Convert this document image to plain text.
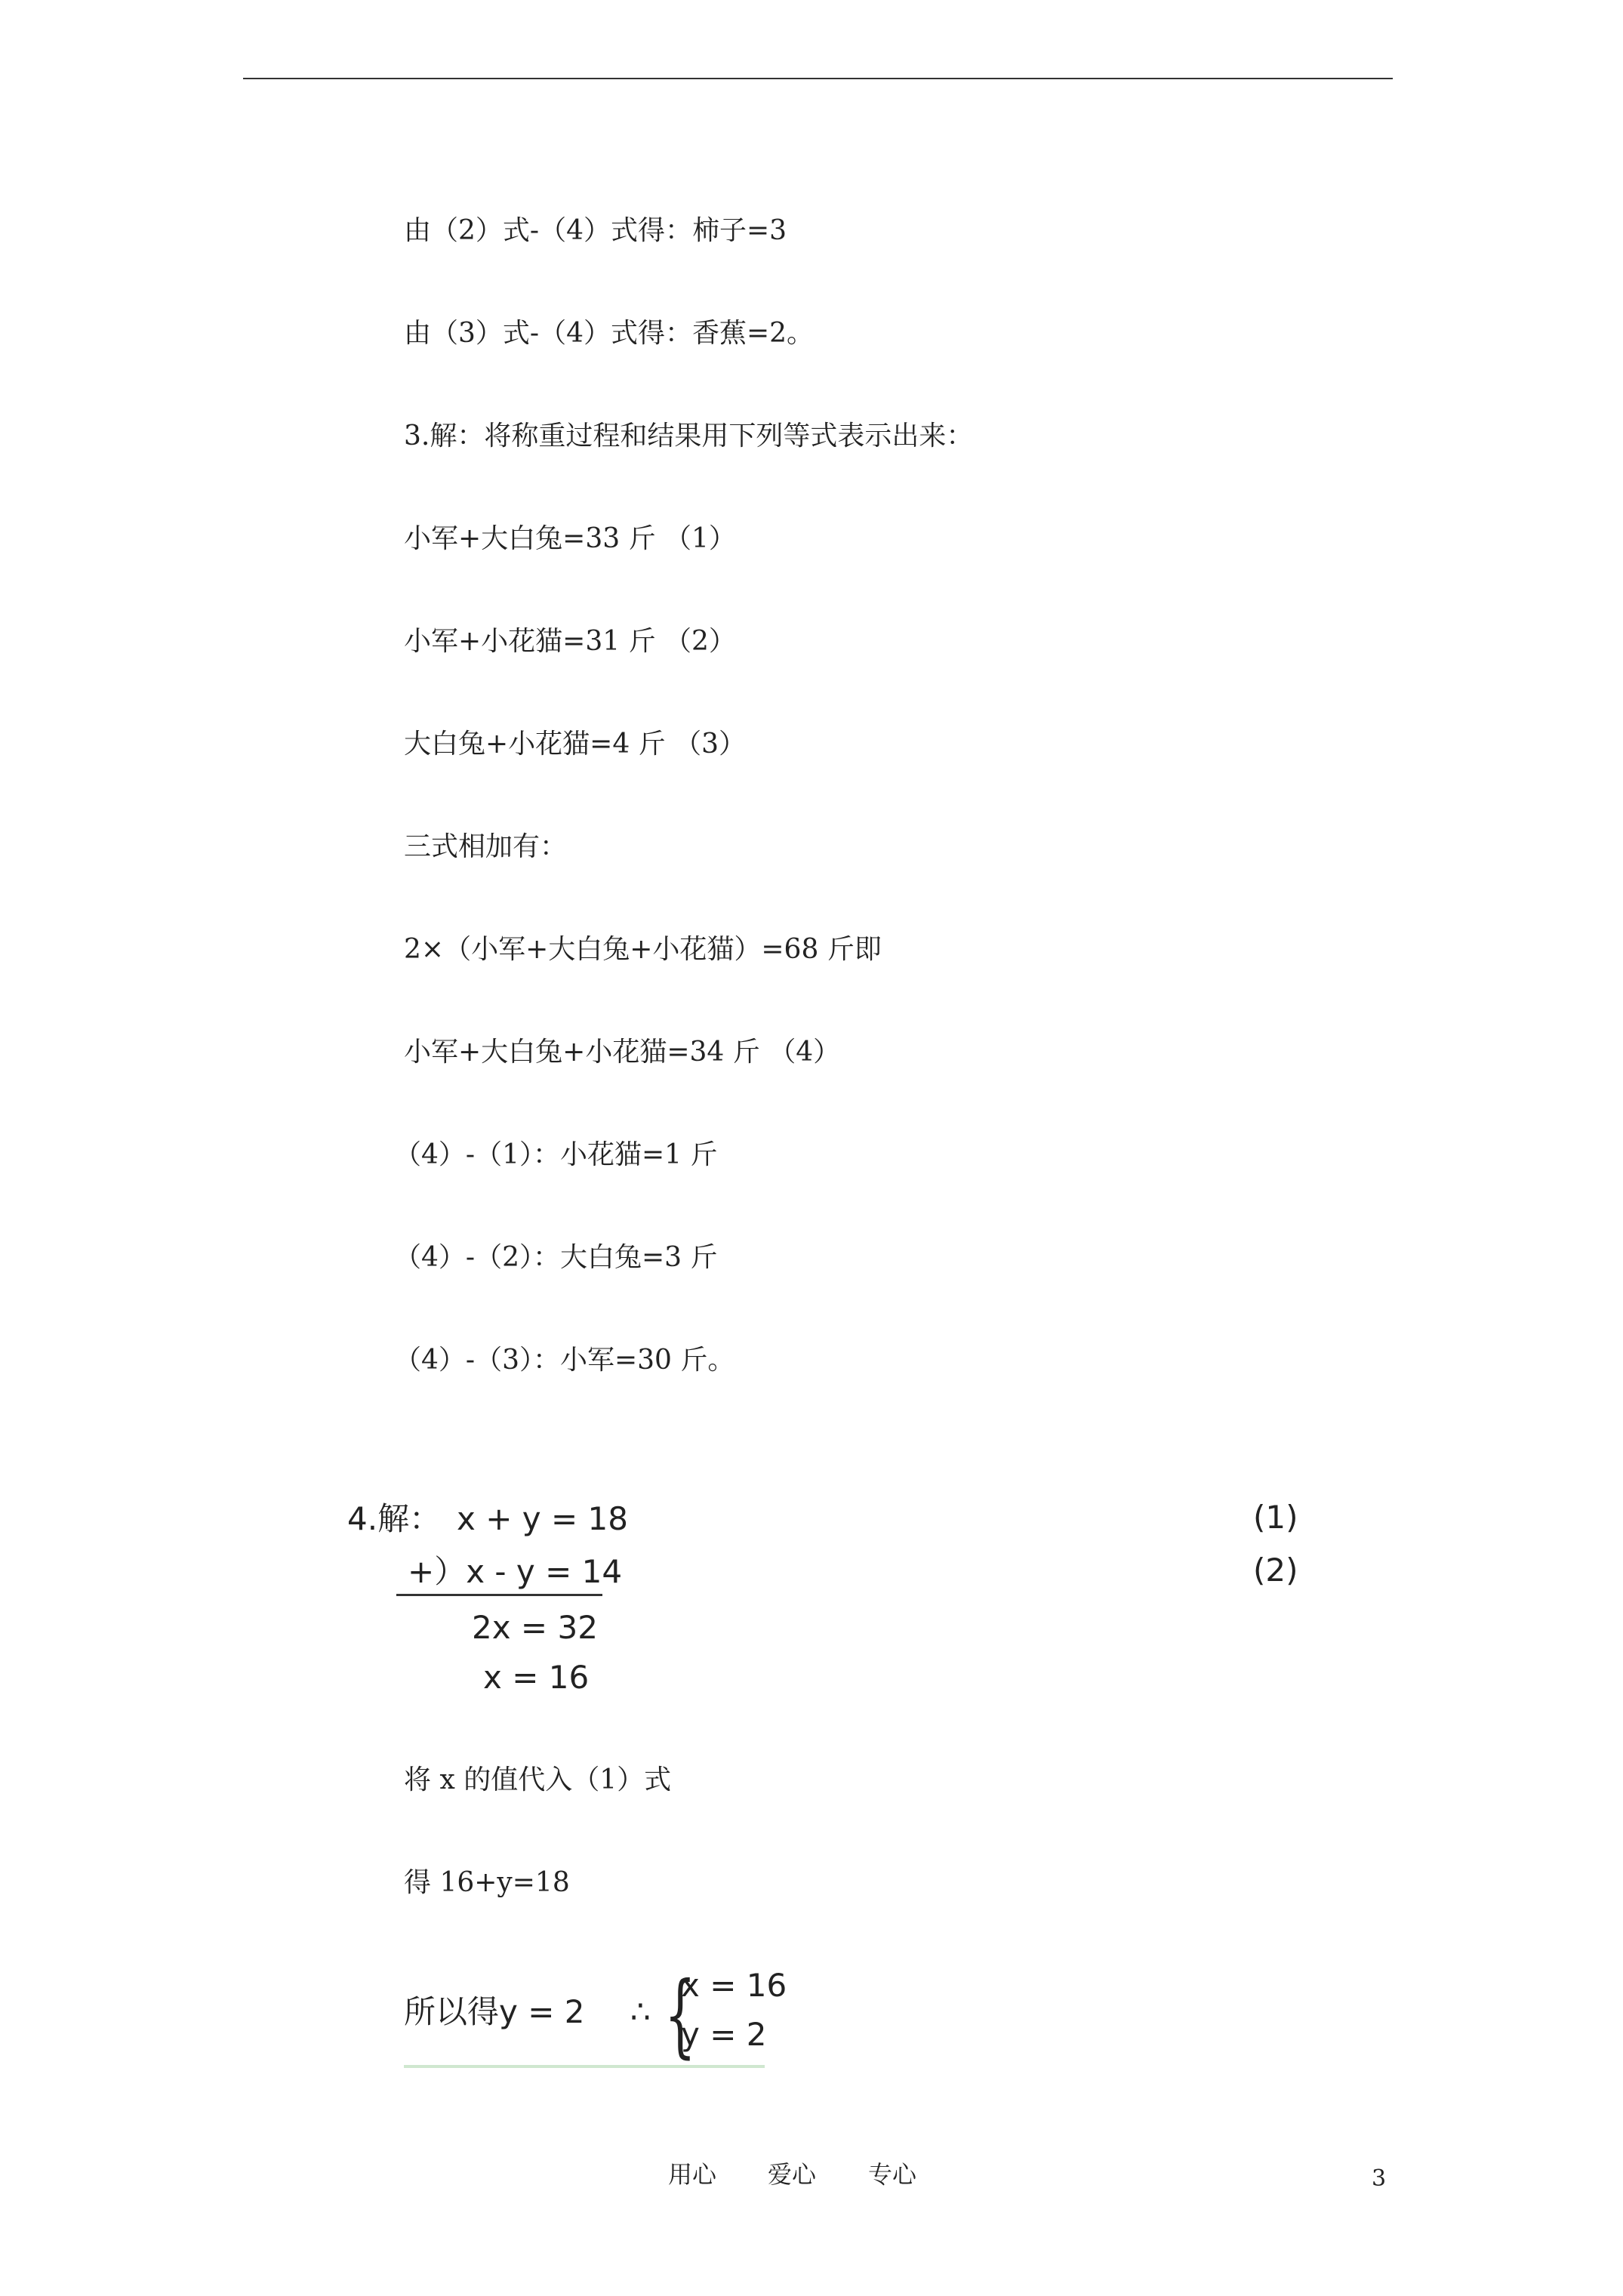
由（2）式-（4）式得：柿子=3
由（3）式-（4）式得：香蕉=2。
3.解：将称重过程和结果用下列等式表示出来：
小军+大白兔=33 斤 （1）
小军+小花猫=31 斤 （2）
大白兔+小花猫=4 斤 （3）
三式相加有：
2×（小军+大白兔+小花猫）=68 斤即
小军+大白兔+小花猫=34 斤 （4）
（4）-（1）：小花猫=1 斤
（4）-（2）：大白兔=3 斤
（4）-（3）：小军=30 斤。
4.解： x + y = 18	(1)
+）x - y = 14	(2)
2x = 32
x = 16
将 x 的值代入（1）式
得 16+y=18
所以得y = 2 ∴ {
x = 16
y = 2
用心 爱心 专心	3
